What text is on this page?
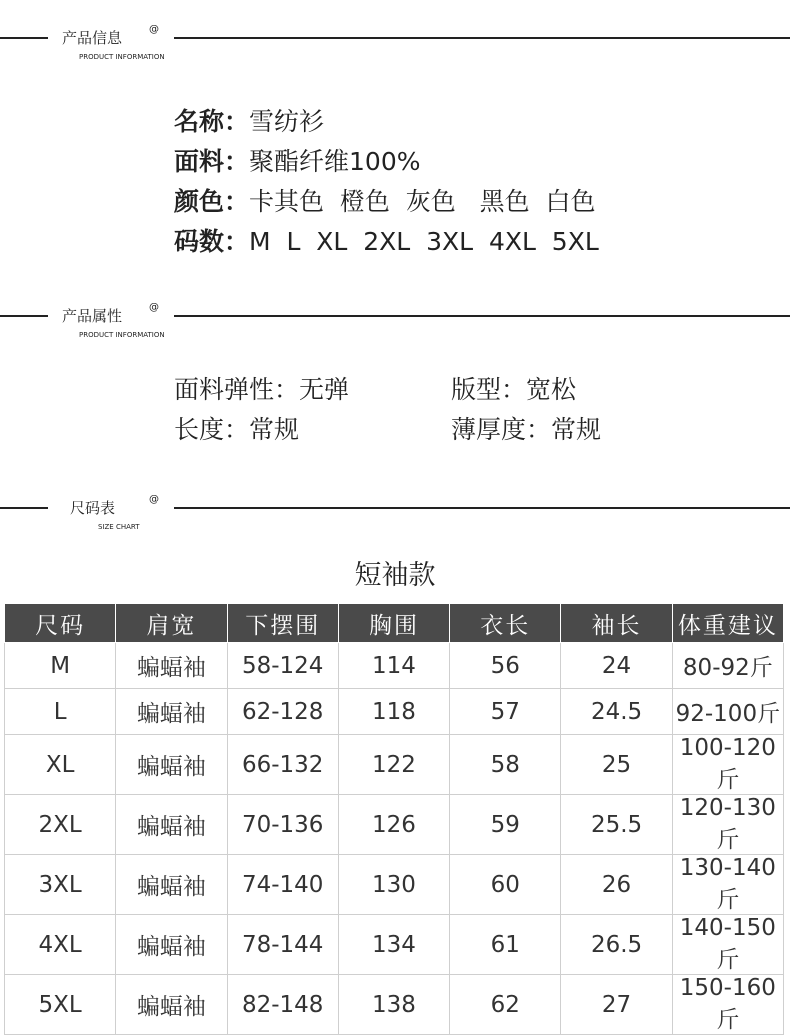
产品信息	@
PRODUCT INFORMATION
名称：雪纺衫
面料：聚酯纤维100%
颜色：卡其色  橙色  灰色   黑色  白色
码数：M  L  XL  2XL  3XL  4XL  5XL
产品属性	@
PRODUCT INFORMATION
面料弹性：无弹	版型：宽松
长度：常规	薄厚度：常规
尺码表	@
SIZE CHART
短袖款
尺码	肩宽	下摆围	胸围	衣长	袖长	体重建议
M	蝙蝠袖	58-124	114	56	24	80-92斤
L	蝙蝠袖	62-128	118	57	24.5	92-100斤
XL	蝙蝠袖	66-132	122	58	25	100-120斤
2XL	蝙蝠袖	70-136	126	59	25.5	120-130斤
3XL	蝙蝠袖	74-140	130	60	26	130-140斤
4XL	蝙蝠袖	78-144	134	61	26.5	140-150斤
5XL	蝙蝠袖	82-148	138	62	27	150-160斤
